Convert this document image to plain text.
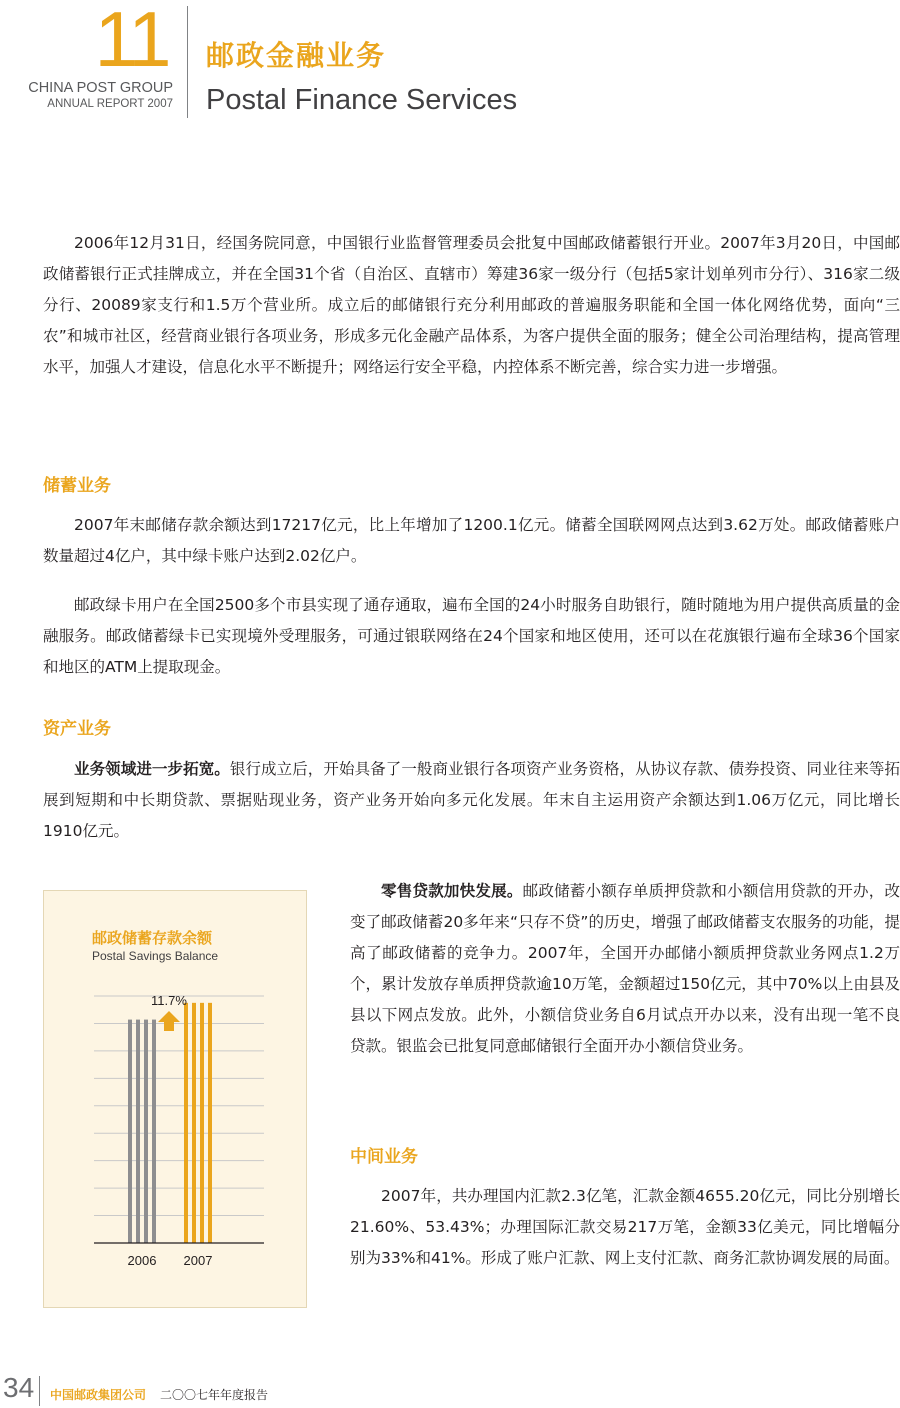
11
CHINA POST GROUP
ANNUAL REPORT 2007
邮政金融业务
Postal Finance Services

2006年12月31日，经国务院同意，中国银行业监督管理委员会批复中国邮政储蓄银行开业。2007年3月20日，中国邮政储蓄银行正式挂牌成立，并在全国31个省（自治区、直辖市）筹建36家一级分行（包括5家计划单列市分行）、316家二级分行、20089家支行和1.5万个营业所。成立后的邮储银行充分利用邮政的普遍服务职能和全国一体化网络优势，面向“三农”和城市社区，经营商业银行各项业务，形成多元化金融产品体系，为客户提供全面的服务；健全公司治理结构，提高管理水平，加强人才建设，信息化水平不断提升；网络运行安全平稳，内控体系不断完善，综合实力进一步增强。

储蓄业务

2007年末邮储存款余额达到17217亿元，比上年增加了1200.1亿元。储蓄全国联网网点达到3.62万处。邮政储蓄账户数量超过4亿户，其中绿卡账户达到2.02亿户。

邮政绿卡用户在全国2500多个市县实现了通存通取，遍布全国的24小时服务自助银行，随时随地为用户提供高质量的金融服务。邮政储蓄绿卡已实现境外受理服务，可通过银联网络在24个国家和地区使用，还可以在花旗银行遍布全球36个国家和地区的ATM上提取现金。

资产业务

业务领域进一步拓宽。银行成立后，开始具备了一般商业银行各项资产业务资格，从协议存款、债券投资、同业往来等拓展到短期和中长期贷款、票据贴现业务，资产业务开始向多元化发展。年末自主运用资产余额达到1.06万亿元，同比增长1910亿元。

邮政储蓄存款余额
Postal Savings Balance
2006 2007
11.7%

零售贷款加快发展。邮政储蓄小额存单质押贷款和小额信用贷款的开办，改变了邮政储蓄20多年来“只存不贷”的历史，增强了邮政储蓄支农服务的功能，提高了邮政储蓄的竞争力。2007年，全国开办邮储小额质押贷款业务网点1.2万个，累计发放存单质押贷款逾10万笔，金额超过150亿元，其中70%以上由县及县以下网点发放。此外，小额信贷业务自6月试点开办以来，没有出现一笔不良贷款。银监会已批复同意邮储银行全面开办小额信贷业务。

中间业务

2007年，共办理国内汇款2.3亿笔，汇款金额4655.20亿元，同比分别增长21.60%、53.43%；办理国际汇款交易217万笔，金额33亿美元，同比增幅分别为33%和41%。形成了账户汇款、网上支付汇款、商务汇款协调发展的局面。

34 中国邮政集团公司 二〇〇七年年度报告
